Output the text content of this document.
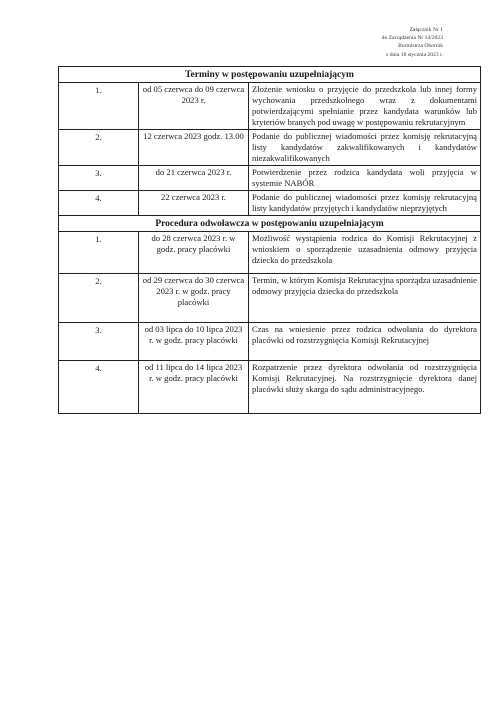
Załącznik Nr 1
do Zarządzenia Nr 14/2023
Burmistrza Obornik
z dnia 18 stycznia 2023 r.
Terminy w postępowaniu uzupełniającym		
1.	od 05 czerwca do 09 czerwca 2023 r.	Złożenie wniosku o przyjęcie do przedszkola lub innej formy wychowania przedszkolnego wraz z dokumentami potwierdzającymi spełnianie przez kandydata warunków lub kryteriów branych pod uwagę w postępowaniu rekrutacyjnym
2.	12 czerwca 2023 godz. 13.00	Podanie do publicznej wiadomości przez komisję rekrutacyjną listy kandydatów zakwalifikowanych i kandydatów niezakwalifikowanych
3.	do 21 czerwca 2023 r.	Potwierdzenie przez rodzica kandydata woli przyjęcia w systemie NABÓR
4.	22 czerwca 2023 r.	Podanie do publicznej wiadomości przez komisję rekrutacyjną listy kandydatów przyjętych i kandydatów nieprzyjętych
Procedura odwoławcza w postępowaniu uzupełniającym		
1.	do 28 czerwca 2023 r. w godz. pracy placówki	Możliwość wystąpienia rodzica do Komisji Rekrutacyjnej z wnioskiem o sporządzenie uzasadnienia odmowy przyjęcia dziecka do przedszkola
2.	od 29 czerwca do 30 czerwca 2023 r. w godz. pracy placówki	Termin, w którym Komisja Rekrutacyjna sporządza uzasadnienie odmowy przyjęcia dziecka do przedszkola
3.	od 03 lipca do 10 lipca 2023 r. w godz. pracy placówki	Czas na wniesienie przez rodzica odwołania do dyrektora placówki od rozstrzygnięcia Komisji Rekrutacyjnej
4.	od 11 lipca do 14 lipca 2023 r. w godz. pracy placówki	Rozpatrzenie przez dyrektora odwołania od rozstrzygnięcia Komisji Rekrutacyjnej. Na rozstrzygnięcie dyrektora danej placówki służy skarga do sądu administracyjnego.
